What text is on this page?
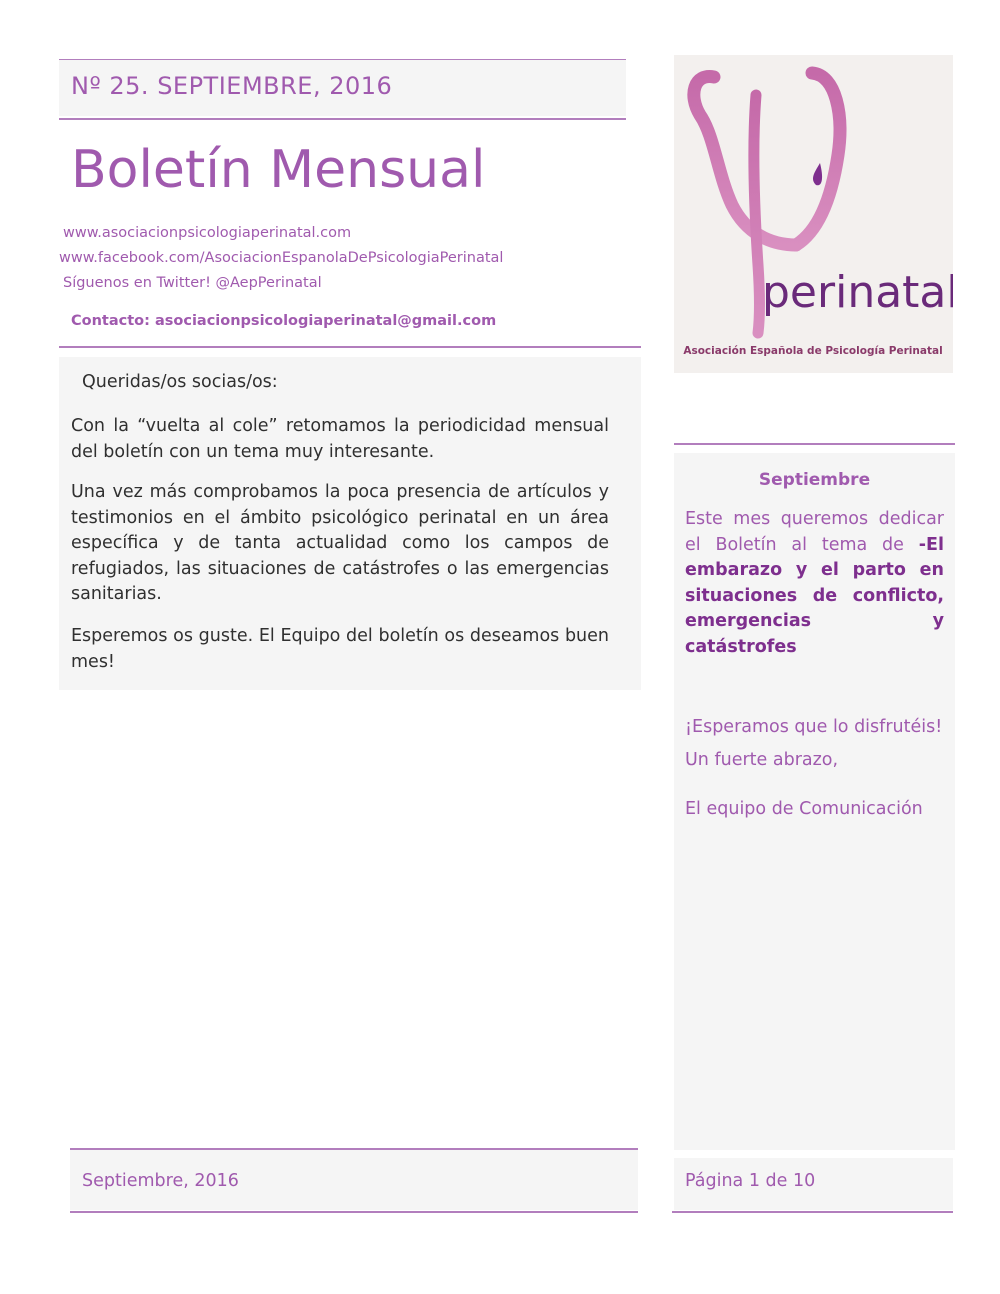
Nº 25. SEPTIEMBRE, 2016
Boletín Mensual
www.asociacionpsicologiaperinatal.com
www.facebook.com/AsociacionEspanolaDePsicologiaPerinatal
Síguenos en Twitter! @AepPerinatal
Contacto: asociacionpsicologiaperinatal@gmail.com
Queridas/os socias/os:
Con la “vuelta al cole” retomamos la periodicidad mensual del boletín con un tema muy interesante.
Una vez más comprobamos la poca presencia de artículos y testimonios en el ámbito psicológico perinatal en un área específica y de tanta actualidad como los campos de refugiados, las situaciones de catástrofes o las emergencias sanitarias.
Esperemos os guste. El Equipo del boletín os deseamos buen mes!
perinatal
Asociación Española de Psicología Perinatal
Septiembre
Este mes queremos dedicar el Boletín al tema de -El embarazo y el parto en situaciones de conflicto, emergencias y catástrofes
¡Esperamos que lo disfrutéis!
Un fuerte abrazo,
El equipo de Comunicación
Septiembre, 2016	Página 1 de 10
